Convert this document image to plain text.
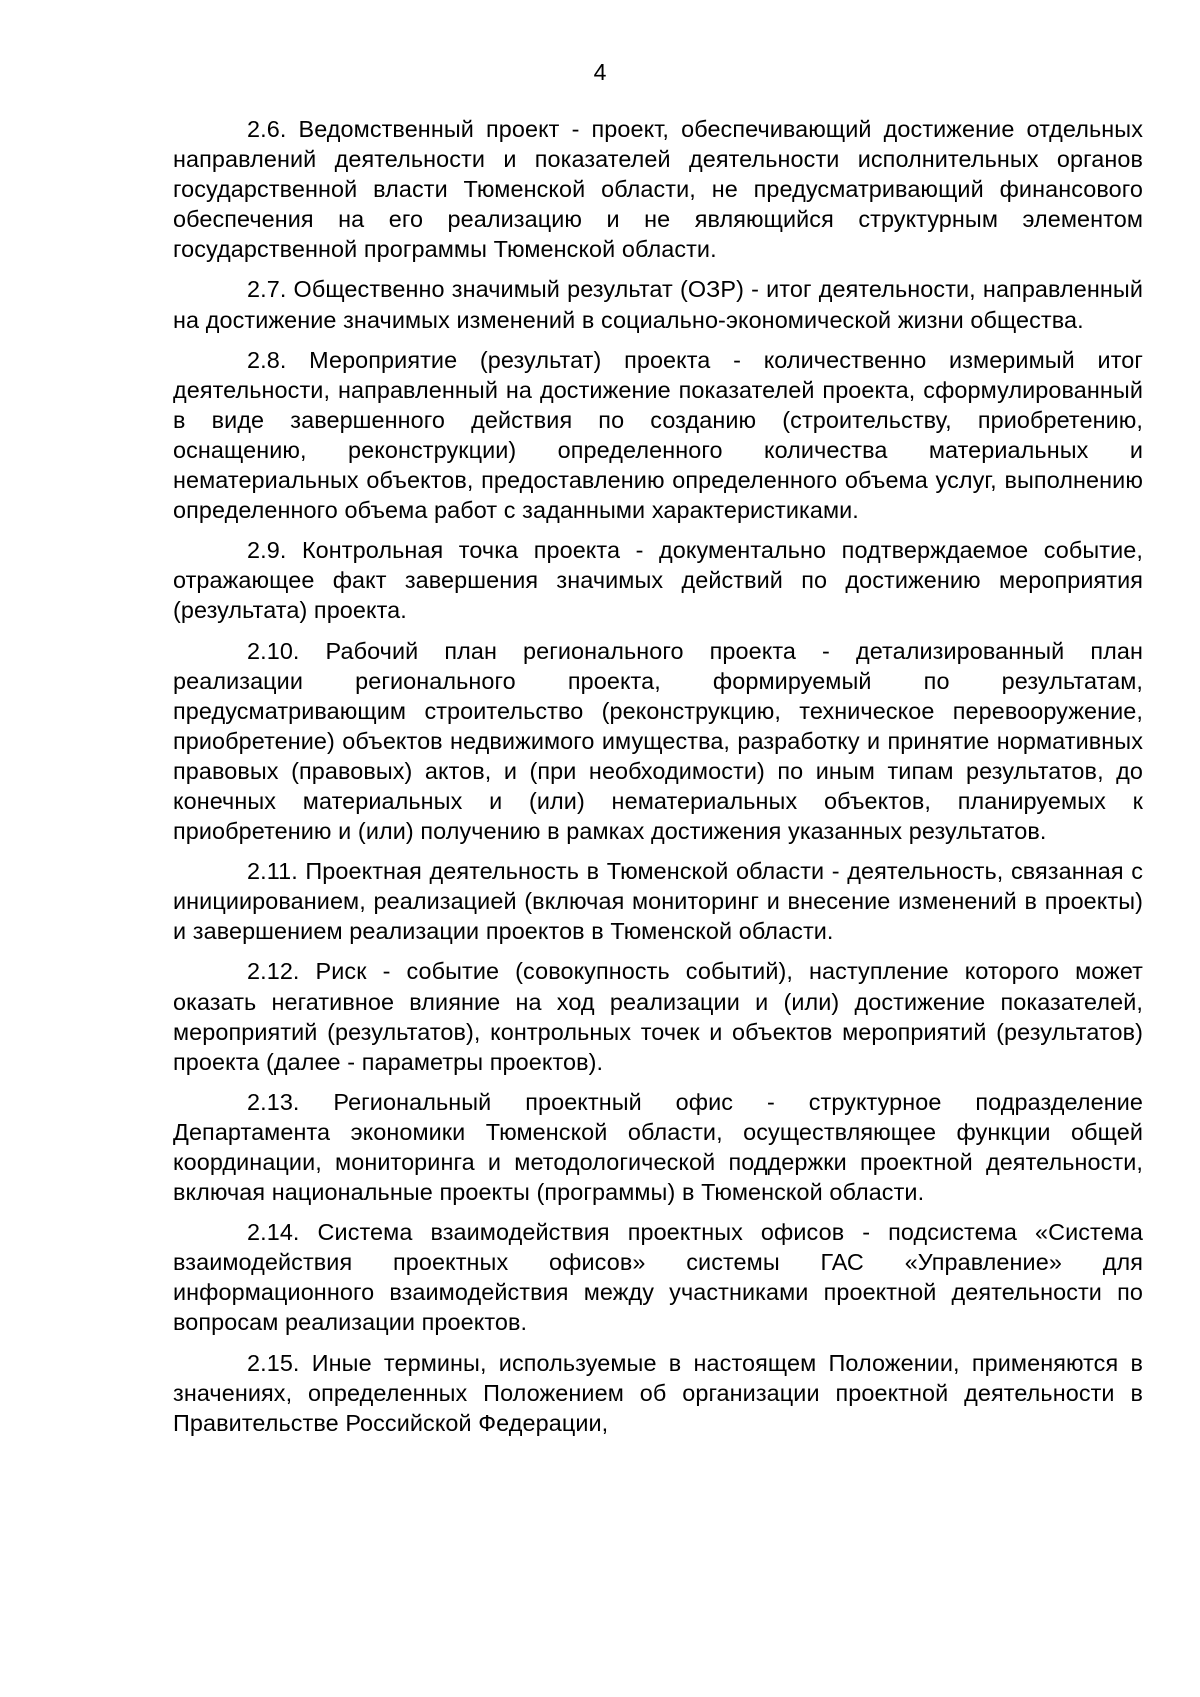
4

2.6. Ведомственный проект - проект, обеспечивающий достижение отдельных направлений деятельности и показателей деятельности исполнительных органов государственной власти Тюменской области, не предусматривающий финансового обеспечения на его реализацию и не являющийся структурным элементом государственной программы Тюменской области.

2.7. Общественно значимый результат (ОЗР) - итог деятельности, направленный на достижение значимых изменений в социально-экономической жизни общества.

2.8. Мероприятие (результат) проекта - количественно измеримый итог деятельности, направленный на достижение показателей проекта, сформулированный в виде завершенного действия по созданию (строительству, приобретению, оснащению, реконструкции) определенного количества материальных и нематериальных объектов, предоставлению определенного объема услуг, выполнению определенного объема работ с заданными характеристиками.

2.9. Контрольная точка проекта - документально подтверждаемое событие, отражающее факт завершения значимых действий по достижению мероприятия (результата) проекта.

2.10. Рабочий план регионального проекта - детализированный план реализации регионального проекта, формируемый по результатам, предусматривающим строительство (реконструкцию, техническое перевооружение, приобретение) объектов недвижимого имущества, разработку и принятие нормативных правовых (правовых) актов, и (при необходимости) по иным типам результатов, до конечных материальных и (или) нематериальных объектов, планируемых к приобретению и (или) получению в рамках достижения указанных результатов.

2.11. Проектная деятельность в Тюменской области - деятельность, связанная с инициированием, реализацией (включая мониторинг и внесение изменений в проекты) и завершением реализации проектов в Тюменской области.

2.12. Риск - событие (совокупность событий), наступление которого может оказать негативное влияние на ход реализации и (или) достижение показателей, мероприятий (результатов), контрольных точек и объектов мероприятий (результатов) проекта (далее - параметры проектов).

2.13. Региональный проектный офис - структурное подразделение Департамента экономики Тюменской области, осуществляющее функции общей координации, мониторинга и методологической поддержки проектной деятельности, включая национальные проекты (программы) в Тюменской области.

2.14. Система взаимодействия проектных офисов - подсистема «Система взаимодействия проектных офисов» системы ГАС «Управление» для информационного взаимодействия между участниками проектной деятельности по вопросам реализации проектов.

2.15. Иные термины, используемые в настоящем Положении, применяются в значениях, определенных Положением об организации проектной деятельности в Правительстве Российской Федерации,
